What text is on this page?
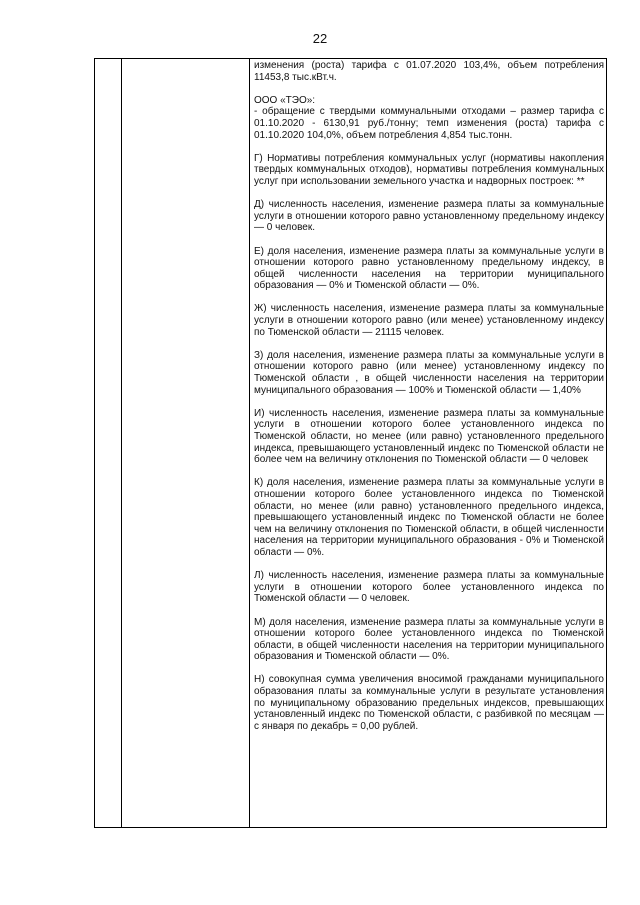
22

изменения (роста) тарифа с 01.07.2020 103,4%, объем потребления 11453,8 тыс.кВт.ч.

ООО «ТЭО»:
- обращение с твердыми коммунальными отходами – размер тарифа с 01.10.2020 - 6130,91 руб./тонну; темп изменения (роста) тарифа с 01.10.2020 104,0%, объем потребления 4,854 тыс.тонн.

Г) Нормативы потребления коммунальных услуг (нормативы накопления твердых коммунальных отходов), нормативы потребления коммунальных услуг при использовании земельного участка и надворных построек: **

Д) численность населения, изменение размера платы за коммунальные услуги в отношении которого равно установленному предельному индексу — 0 человек.

Е) доля населения, изменение размера платы за коммунальные услуги в отношении которого равно установленному предельному индексу, в общей численности населения на территории муниципального образования — 0% и Тюменской области — 0%.

Ж) численность населения, изменение размера платы за коммунальные услуги в отношении которого равно (или менее) установленному индексу по Тюменской области — 21115 человек.

З) доля населения, изменение размера платы за коммунальные услуги в отношении которого равно (или менее) установленному индексу по Тюменской области , в общей численности населения на территории муниципального образования — 100% и Тюменской области — 1,40%

И) численность населения, изменение размера платы за коммунальные услуги в отношении которого более установленного индекса по Тюменской области, но менее (или равно) установленного предельного индекса, превышающего установленный индекс по Тюменской области не более чем на величину отклонения по Тюменской области — 0 человек

К) доля населения, изменение размера платы за коммунальные услуги в отношении которого более установленного индекса по Тюменской области, но менее (или равно) установленного предельного индекса, превышающего установленный индекс по Тюменской области не более чем на величину отклонения по Тюменской области, в общей численности населения на территории муниципального образования - 0% и Тюменской области — 0%.

Л) численность населения, изменение размера платы за коммунальные услуги в отношении которого более установленного индекса по Тюменской области — 0 человек.

М) доля населения, изменение размера платы за коммунальные услуги в отношении которого более установленного индекса по Тюменской области, в общей численности населения на территории муниципального образования и Тюменской области — 0%.

Н) совокупная сумма увеличения вносимой гражданами муниципального образования платы за коммунальные услуги в результате установления по муниципальному образованию предельных индексов, превышающих установленный индекс по Тюменской области, с разбивкой по месяцам — с января по декабрь = 0,00 рублей.
